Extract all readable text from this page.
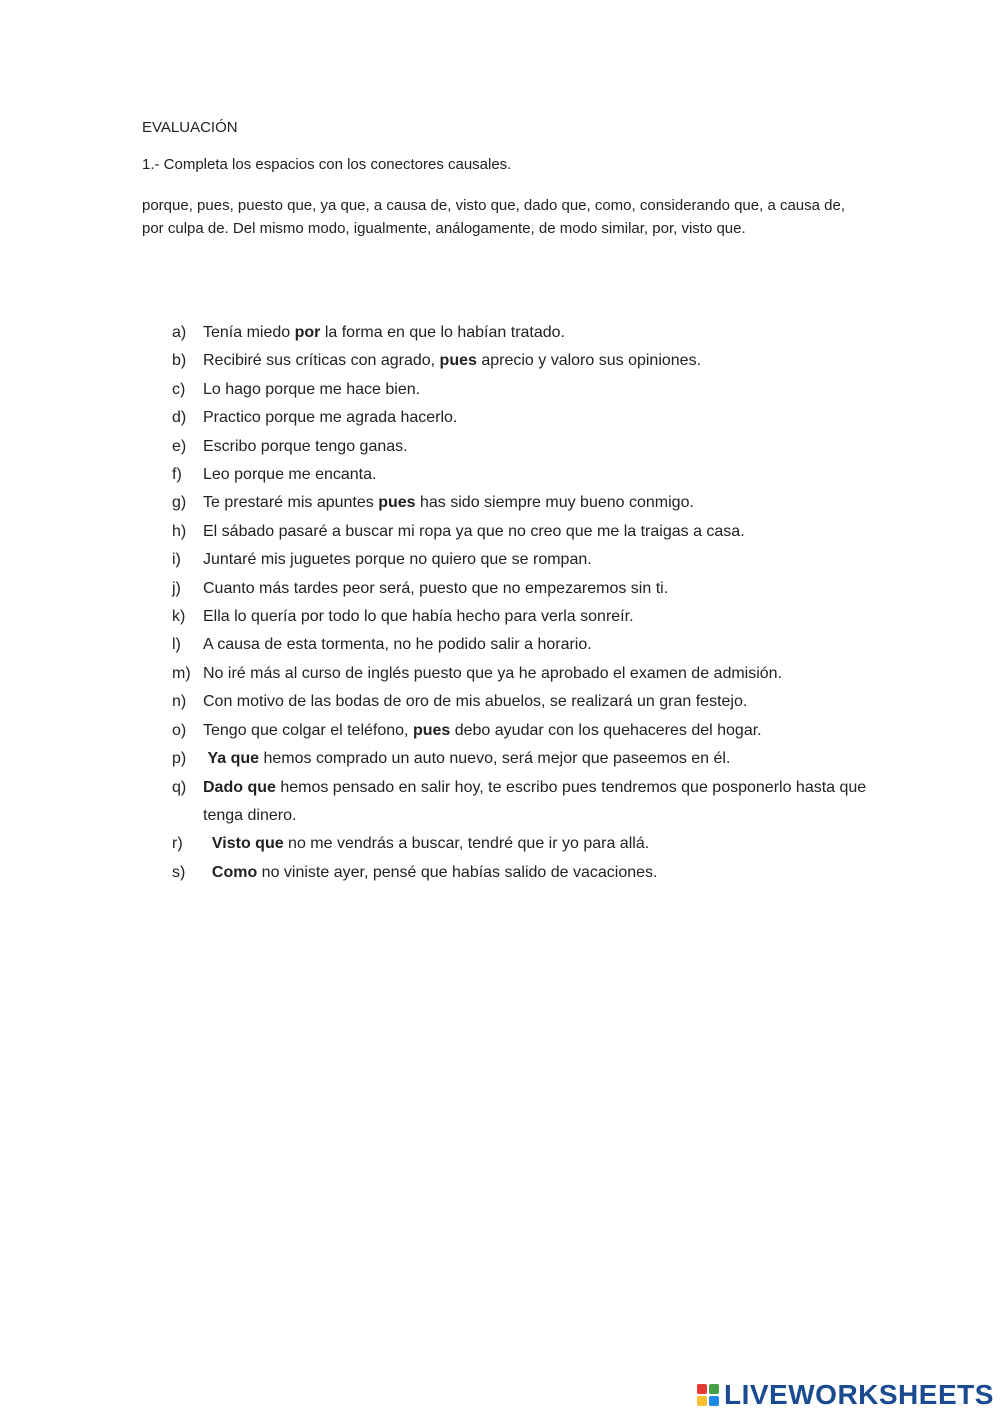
EVALUACIÓN
1.- Completa los espacios con los conectores causales.

porque, pues, puesto que, ya que, a causa de, visto que, dado que, como, considerando que, a causa de, por culpa de. Del mismo modo, igualmente, análogamente, de modo similar, por, visto que.

a)	Tenía miedo por la forma en que lo habían tratado.
b)	Recibiré sus críticas con agrado, pues aprecio y valoro sus opiniones.
c)	Lo hago porque me hace bien.
d)	Practico porque me agrada hacerlo.
e)	Escribo porque tengo ganas.
f)	Leo porque me encanta.
g)	Te prestaré mis apuntes pues has sido siempre muy bueno conmigo.
h)	El sábado pasaré a buscar mi ropa ya que no creo que me la traigas a casa.
i)	Juntaré mis juguetes porque no quiero que se rompan.
j)	Cuanto más tardes peor será, puesto que no empezaremos sin ti.
k)	Ella lo quería por todo lo que había hecho para verla sonreír.
l)	A causa de esta tormenta, no he podido salir a horario.
m) No iré más al curso de inglés puesto que ya he aprobado el examen de admisión.
n)	Con motivo de las bodas de oro de mis abuelos, se realizará un gran festejo.
o)	Tengo que colgar el teléfono, pues debo ayudar con los quehaceres del hogar.
p)	Ya que hemos comprado un auto nuevo, será mejor que paseemos en él.
q)	Dado que hemos pensado en salir hoy, te escribo pues tendremos que posponerlo hasta que tenga dinero.
r)	Visto que no me vendrás a buscar, tendré que ir yo para allá.
s)	Como no viniste ayer, pensé que habías salido de vacaciones.
LIVEWORKSHEETS
